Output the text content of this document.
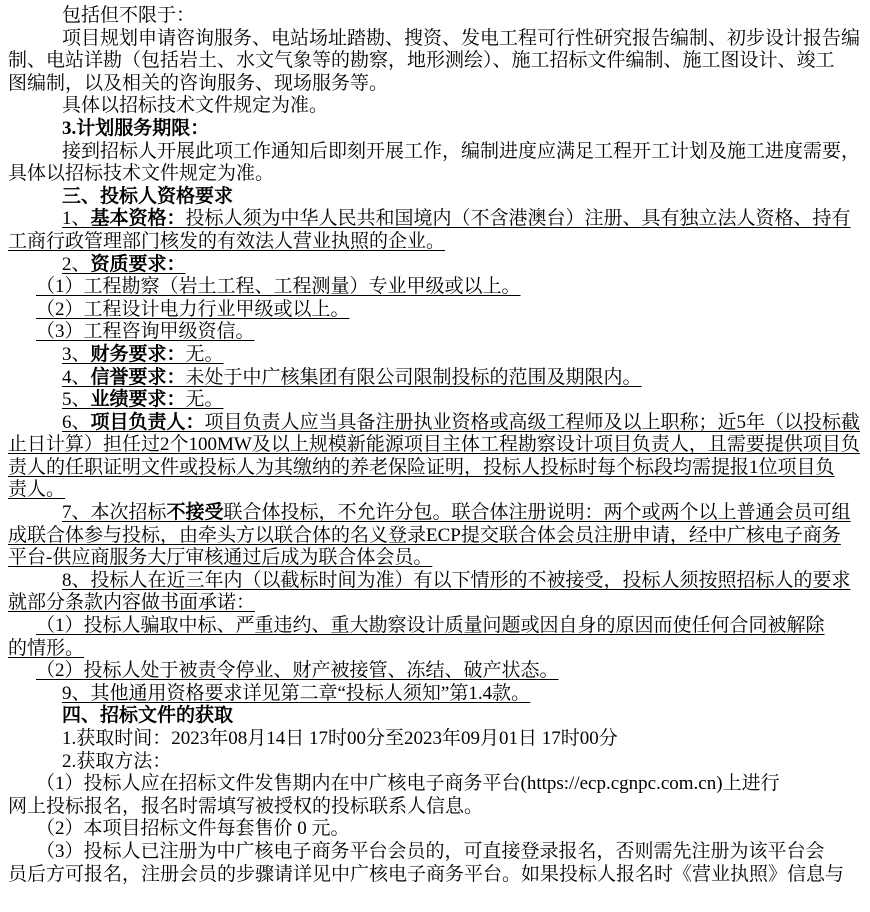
包括但不限于：
项目规划申请咨询服务、电站场址踏勘、搜资、发电工程可行性研究报告编制、初步设计报告编
制、电站详勘（包括岩土、水文气象等的勘察，地形测绘）、施工招标文件编制、施工图设计、竣工
图编制，以及相关的咨询服务、现场服务等。
具体以招标技术文件规定为准。
3.计划服务期限：
接到招标人开展此项工作通知后即刻开展工作，编制进度应满足工程开工计划及施工进度需要，
具体以招标技术文件规定为准。
三、投标人资格要求
1、基本资格：投标人须为中华人民共和国境内（不含港澳台）注册、具有独立法人资格、持有
工商行政管理部门核发的有效法人营业执照的企业。
2、资质要求：
（1）工程勘察（岩土工程、工程测量）专业甲级或以上。
（2）工程设计电力行业甲级或以上。
（3）工程咨询甲级资信。
3、财务要求：无。
4、信誉要求：未处于中广核集团有限公司限制投标的范围及期限内。
5、业绩要求：无。
6、项目负责人：项目负责人应当具备注册执业资格或高级工程师及以上职称；近5年（以投标截
止日计算）担任过2个100MW及以上规模新能源项目主体工程勘察设计项目负责人，且需要提供项目负
责人的任职证明文件或投标人为其缴纳的养老保险证明，投标人投标时每个标段均需提报1位项目负
责人。
7、本次招标不接受联合体投标，不允许分包。联合体注册说明：两个或两个以上普通会员可组
成联合体参与投标，由牵头方以联合体的名义登录ECP提交联合体会员注册申请，经中广核电子商务
平台-供应商服务大厅审核通过后成为联合体会员。
8、投标人在近三年内（以截标时间为准）有以下情形的不被接受，投标人须按照招标人的要求
就部分条款内容做书面承诺：
（1）投标人骗取中标、严重违约、重大勘察设计质量问题或因自身的原因而使任何合同被解除
的情形。
（2）投标人处于被责令停业、财产被接管、冻结、破产状态。
9、其他通用资格要求详见第二章“投标人须知”第1.4款。
四、招标文件的获取
1.获取时间：2023年08月14日 17时00分至2023年09月01日 17时00分
2.获取方法：
（1）投标人应在招标文件发售期内在中广核电子商务平台(https://ecp.cgnpc.com.cn)上进行
网上投标报名，报名时需填写被授权的投标联系人信息。
（2）本项目招标文件每套售价 0 元。
（3）投标人已注册为中广核电子商务平台会员的，可直接登录报名，否则需先注册为该平台会
员后方可报名，注册会员的步骤请详见中广核电子商务平台。如果投标人报名时《营业执照》信息与
